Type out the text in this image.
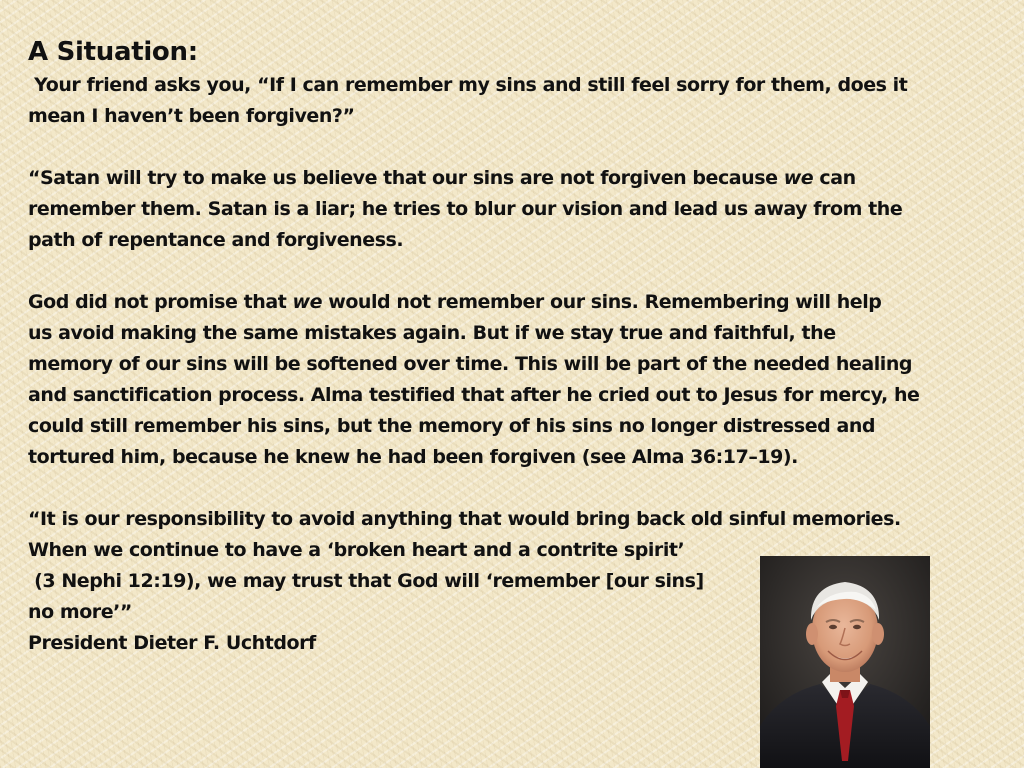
A Situation:
Your friend asks you, “If I can remember my sins and still feel sorry for them, does it
mean I haven’t been forgiven?”
“Satan will try to make us believe that our sins are not forgiven because we can
remember them. Satan is a liar; he tries to blur our vision and lead us away from the
path of repentance and forgiveness.
God did not promise that we would not remember our sins. Remembering will help
us avoid making the same mistakes again. But if we stay true and faithful, the
memory of our sins will be softened over time. This will be part of the needed healing
and sanctification process. Alma testified that after he cried out to Jesus for mercy, he
could still remember his sins, but the memory of his sins no longer distressed and
tortured him, because he knew he had been forgiven (see Alma 36:17–19).
“It is our responsibility to avoid anything that would bring back old sinful memories.
When we continue to have a ‘broken heart and a contrite spirit’
(3 Nephi 12:19), we may trust that God will ‘remember [our sins]
no more’”
President Dieter F. Uchtdorf
